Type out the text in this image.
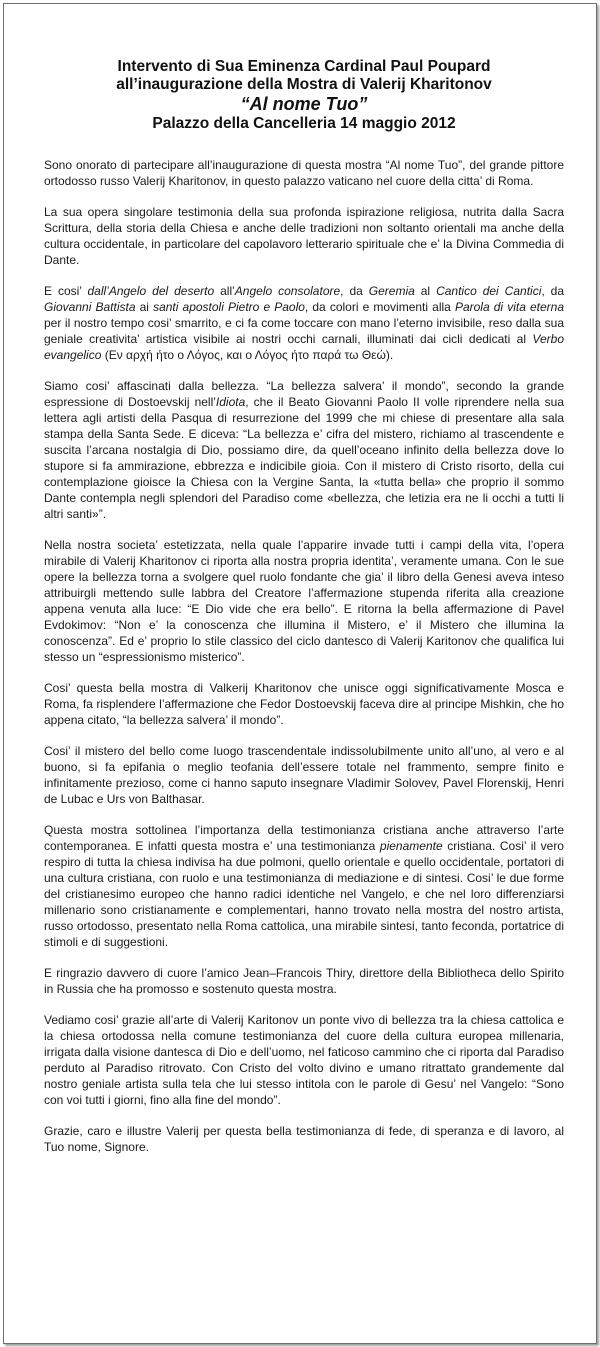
Intervento di Sua Eminenza Cardinal Paul Poupard
all’inaugurazione della Mostra di Valerij Kharitonov
“Al nome Tuo”
Palazzo della Cancelleria 14 maggio 2012

Sono onorato di partecipare all’inaugurazione di questa mostra “Al nome Tuo”, del grande pittore ortodosso russo Valerij Kharitonov, in questo palazzo vaticano nel cuore della citta’ di Roma.

La sua opera singolare testimonia della sua profonda ispirazione religiosa, nutrita dalla Sacra Scrittura, della storia della Chiesa e anche delle tradizioni non soltanto orientali ma anche della cultura occidentale, in particolare del capolavoro letterario spirituale che e’ la Divina Commedia di Dante.

E cosi’ dall’Angelo del deserto all’Angelo consolatore, da Geremia al Cantico dei Cantici, da Giovanni Battista ai santi apostoli Pietro e Paolo, da colori e movimenti alla Parola di vita eterna per il nostro tempo cosi’ smarrito, e ci fa come toccare con mano l’eterno invisibile, reso dalla sua geniale creativita’ artistica visibile ai nostri occhi carnali, illuminati dai cicli dedicati al Verbo evangelico (Εν αρχή ήτο ο Λόγος, και ο Λόγος ήτο παρά τω Θεώ).

Siamo cosi’ affascinati dalla bellezza. “La bellezza salvera’ il mondo”, secondo la grande espressione di Dostoevskij nell’Idiota, che il Beato Giovanni Paolo II volle riprendere nella sua lettera agli artisti della Pasqua di resurrezione del 1999 che mi chiese di presentare alla sala stampa della Santa Sede. E diceva: “La bellezza e’ cifra del mistero, richiamo al trascendente e suscita l’arcana nostalgia di Dio, possiamo dire, da quell’oceano infinito della bellezza dove lo stupore si fa ammirazione, ebbrezza e indicibile gioia. Con il mistero di Cristo risorto, della cui contemplazione gioisce la Chiesa con la Vergine Santa, la «tutta bella» che proprio il sommo Dante contempla negli splendori del Paradiso come «bellezza, che letizia era ne li occhi a tutti li altri santi»”.

Nella nostra societa’ estetizzata, nella quale l’apparire invade tutti i campi della vita, l’opera mirabile di Valerij Kharitonov ci riporta alla nostra propria identita’, veramente umana. Con le sue opere la bellezza torna a svolgere quel ruolo fondante che gia’ il libro della Genesi aveva inteso attribuirgli mettendo sulle labbra del Creatore l’affermazione stupenda riferita alla creazione appena venuta alla luce: “E Dio vide che era bello”. E ritorna la bella affermazione di Pavel Evdokimov: “Non e’ la conoscenza che illumina il Mistero, e’ il Mistero che illumina la conoscenza”. Ed e’ proprio lo stile classico del ciclo dantesco di Valerij Karitonov che qualifica lui stesso un “espressionismo misterico”.

Cosi’ questa bella mostra di Valkerij Kharitonov che unisce oggi significativamente Mosca e Roma, fa risplendere l’affermazione che Fedor Dostoevskij faceva dire al principe Mishkin, che ho appena citato, “la bellezza salvera’ il mondo”.

Cosi’ il mistero del bello come luogo trascendentale indissolubilmente unito all’uno, al vero e al buono, si fa epifania o meglio teofania dell’essere totale nel frammento, sempre finito e infinitamente prezioso, come ci hanno saputo insegnare Vladimir Solovev, Pavel Florenskij, Henri de Lubac e Urs von Balthasar.

Questa mostra sottolinea l’importanza della testimonianza cristiana anche attraverso l’arte contemporanea. E infatti questa mostra e’ una testimonianza pienamente cristiana. Cosi’ il vero respiro di tutta la chiesa indivisa ha due polmoni, quello orientale e quello occidentale, portatori di una cultura cristiana, con ruolo e una testimonianza di mediazione e di sintesi. Cosi’ le due forme del cristianesimo europeo che hanno radici identiche nel Vangelo, e che nel loro differenziarsi millenario sono cristianamente e complementari, hanno trovato nella mostra del nostro artista, russo ortodosso, presentato nella Roma cattolica, una mirabile sintesi, tanto feconda, portatrice di stimoli e di suggestioni.

E ringrazio davvero di cuore l’amico Jean–Francois Thiry, direttore della Bibliotheca dello Spirito in Russia che ha promosso e sostenuto questa mostra.

Vediamo cosi’ grazie all’arte di Valerij Karitonov un ponte vivo di bellezza tra la chiesa cattolica e la chiesa ortodossa nella comune testimonianza del cuore della cultura europea millenaria, irrigata dalla visione dantesca di Dio e dell’uomo, nel faticoso cammino che ci riporta dal Paradiso perduto al Paradiso ritrovato. Con Cristo del volto divino e umano ritrattato grandemente dal nostro geniale artista sulla tela che lui stesso intitola con le parole di Gesu’ nel Vangelo: “Sono con voi tutti i giorni, fino alla fine del mondo”.

Grazie, caro e illustre Valerij per questa bella testimonianza di fede, di speranza e di lavoro, al Tuo nome, Signore.
